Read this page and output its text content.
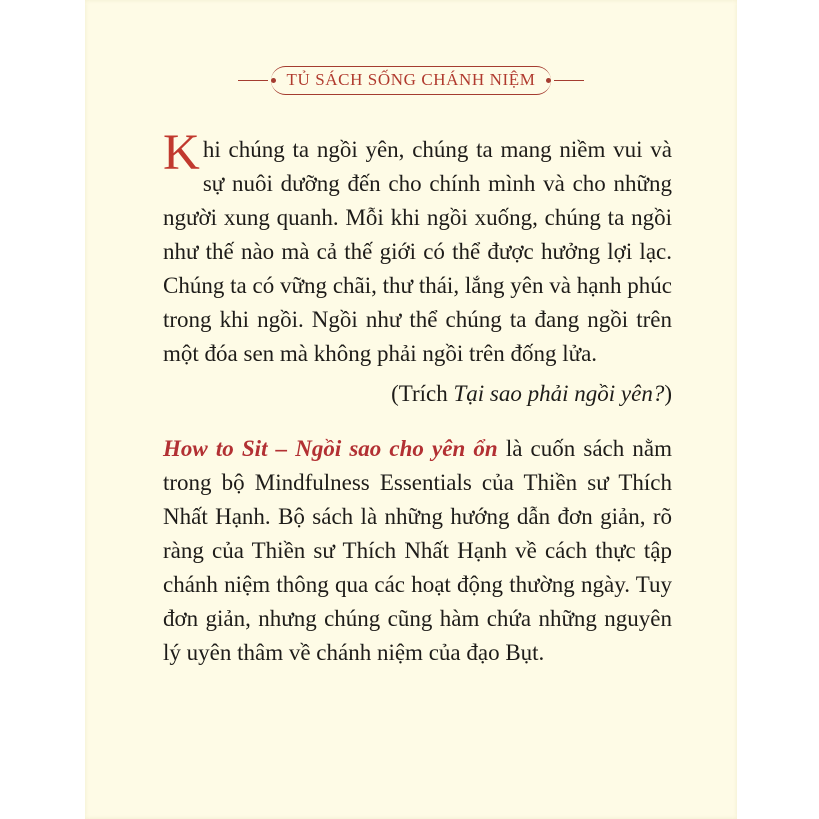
TỦ SÁCH SỐNG CHÁNH NIỆM
Khi chúng ta ngồi yên, chúng ta mang niềm vui và sự nuôi dưỡng đến cho chính mình và cho những người xung quanh. Mỗi khi ngồi xuống, chúng ta ngồi như thế nào mà cả thế giới có thể được hưởng lợi lạc. Chúng ta có vững chãi, thư thái, lắng yên và hạnh phúc trong khi ngồi. Ngồi như thể chúng ta đang ngồi trên một đóa sen mà không phải ngồi trên đống lửa.
(Trích Tại sao phải ngồi yên?)
How to Sit – Ngồi sao cho yên ổn là cuốn sách nằm trong bộ Mindfulness Essentials của Thiền sư Thích Nhất Hạnh. Bộ sách là những hướng dẫn đơn giản, rõ ràng của Thiền sư Thích Nhất Hạnh về cách thực tập chánh niệm thông qua các hoạt động thường ngày. Tuy đơn giản, nhưng chúng cũng hàm chứa những nguyên lý uyên thâm về chánh niệm của đạo Bụt.
